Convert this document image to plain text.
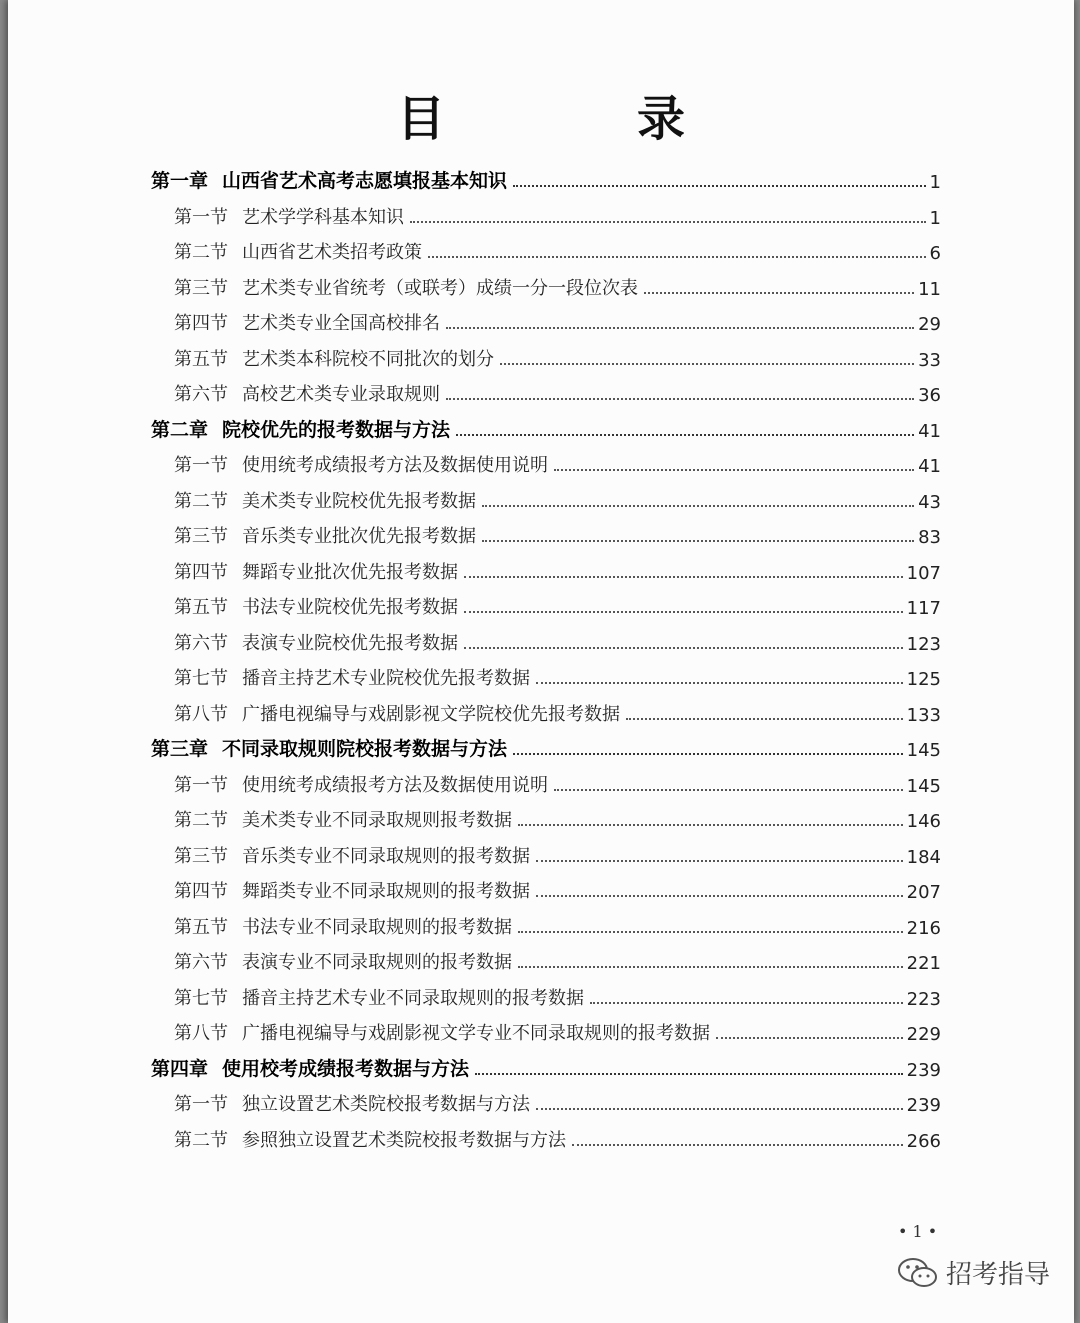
目　录
第一章 山西省艺术高考志愿填报基本知识	1
第一节 艺术学学科基本知识	1
第二节 山西省艺术类招考政策	6
第三节 艺术类专业省统考（或联考）成绩一分一段位次表	11
第四节 艺术类专业全国高校排名	29
第五节 艺术类本科院校不同批次的划分	33
第六节 高校艺术类专业录取规则	36
第二章 院校优先的报考数据与方法	41
第一节 使用统考成绩报考方法及数据使用说明	41
第二节 美术类专业院校优先报考数据	43
第三节 音乐类专业批次优先报考数据	83
第四节 舞蹈专业批次优先报考数据	107
第五节 书法专业院校优先报考数据	117
第六节 表演专业院校优先报考数据	123
第七节 播音主持艺术专业院校优先报考数据	125
第八节 广播电视编导与戏剧影视文学院校优先报考数据	133
第三章 不同录取规则院校报考数据与方法	145
第一节 使用统考成绩报考方法及数据使用说明	145
第二节 美术类专业不同录取规则报考数据	146
第三节 音乐类专业不同录取规则的报考数据	184
第四节 舞蹈类专业不同录取规则的报考数据	207
第五节 书法专业不同录取规则的报考数据	216
第六节 表演专业不同录取规则的报考数据	221
第七节 播音主持艺术专业不同录取规则的报考数据	223
第八节 广播电视编导与戏剧影视文学专业不同录取规则的报考数据	229
第四章 使用校考成绩报考数据与方法	239
第一节 独立设置艺术类院校报考数据与方法	239
第二节 参照独立设置艺术类院校报考数据与方法	266
• 1 •
招考指导
